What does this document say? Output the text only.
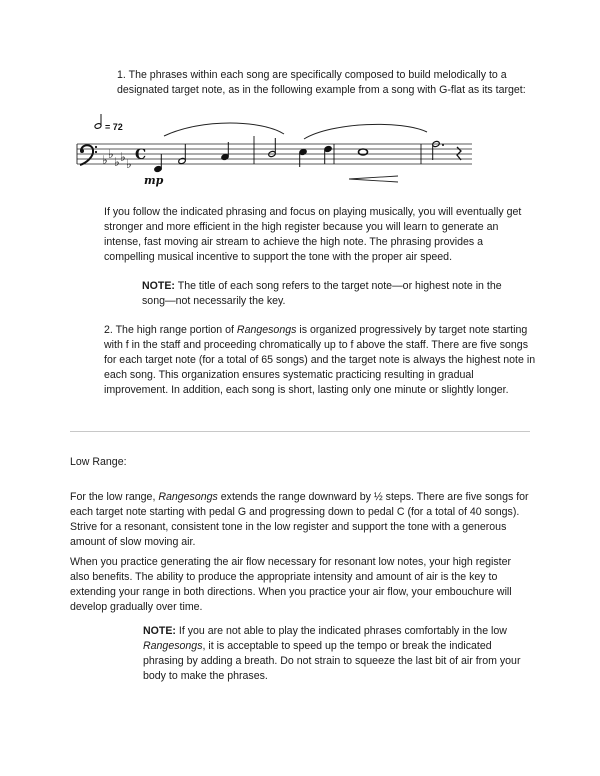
1. The phrases within each song are specifically composed to build melodically to a designated target note, as in the following example from a song with G-flat as its target:

= 72
♭ ♭
♭ ♭ ♭
C
mp

If you follow the indicated phrasing and focus on playing musically, you will eventually get stronger and more efficient in the high register because you will learn to generate an intense, fast moving air stream to achieve the high note. The phrasing provides a compelling musical incentive to support the tone with the proper air speed.

NOTE: The title of each song refers to the target note—or highest note in the song—not necessarily the key.

2. The high range portion of Rangesongs is organized progressively by target note starting with f in the staff and proceeding chromatically up to f above the staff. There are five songs for each target note (for a total of 65 songs) and the target note is always the highest note in each song. This organization ensures systematic practicing resulting in gradual improvement. In addition, each song is short, lasting only one minute or slightly longer.

Low Range:

For the low range, Rangesongs extends the range downward by ½ steps. There are five songs for each target note starting with pedal G and progressing down to pedal C (for a total of 40 songs). Strive for a resonant, consistent tone in the low register and support the tone with a generous amount of slow moving air.

When you practice generating the air flow necessary for resonant low notes, your high register also benefits. The ability to produce the appropriate intensity and amount of air is the key to extending your range in both directions. When you practice your air flow, your embouchure will develop gradually over time.

NOTE: If you are not able to play the indicated phrases comfortably in the low Rangesongs, it is acceptable to speed up the tempo or break the indicated phrasing by adding a breath. Do not strain to squeeze the last bit of air from your body to make the phrases.
